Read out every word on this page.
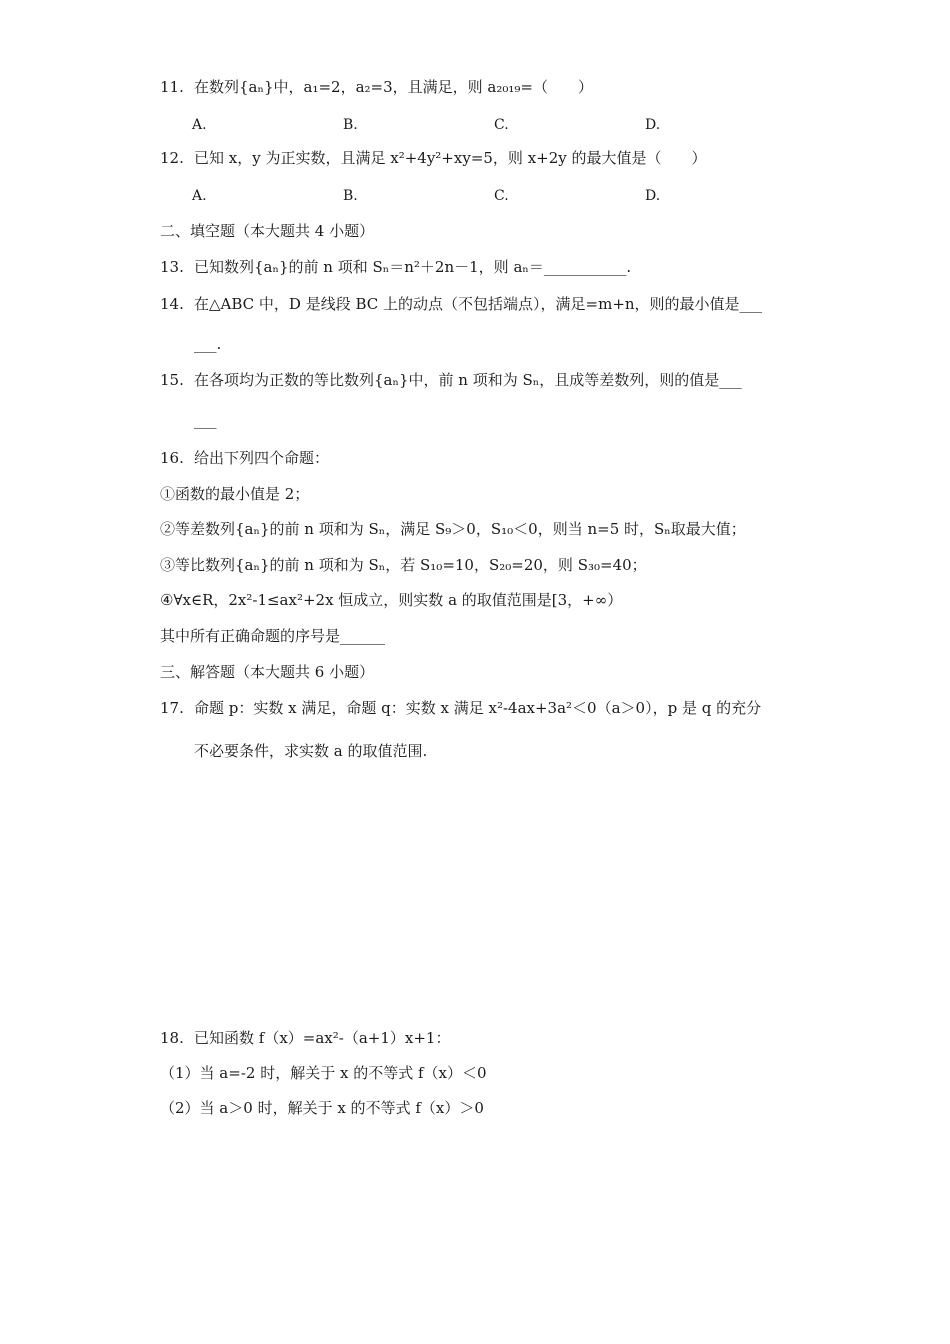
11. 在数列{aₙ}中，a₁=2，a₂=3，且满足，则 a₂₀₁₉=（　　）
A.	B.	C.	D.
12. 已知 x，y 为正实数，且满足 x²+4y²+xy=5，则 x+2y 的最大值是（　　）
A.	B.	C.	D.
二、填空题（本大题共 4 小题）
13. 已知数列{aₙ}的前 n 项和 Sₙ＝n²＋2n－1，则 aₙ＝___________.
14. 在△ABC 中，D 是线段 BC 上的动点（不包括端点），满足=m+n，则的最小值是___
___.
15. 在各项均为正数的等比数列{aₙ}中，前 n 项和为 Sₙ，且成等差数列，则的值是___
___
16. 给出下列四个命题：
①函数的最小值是 2；
②等差数列{aₙ}的前 n 项和为 Sₙ，满足 S₉＞0，S₁₀＜0，则当 n=5 时，Sₙ取最大值；
③等比数列{aₙ}的前 n 项和为 Sₙ，若 S₁₀=10，S₂₀=20，则 S₃₀=40；
④∀x∈R，2x²-1≤ax²+2x 恒成立，则实数 a 的取值范围是[3，+∞）
其中所有正确命题的序号是______
三、解答题（本大题共 6 小题）
17. 命题 p：实数 x 满足，命题 q：实数 x 满足 x²-4ax+3a²＜0（a＞0），p 是 q 的充分
不必要条件，求实数 a 的取值范围.
18. 已知函数 f（x）=ax²-（a+1）x+1：
（1）当 a=-2 时，解关于 x 的不等式 f（x）＜0
（2）当 a＞0 时，解关于 x 的不等式 f（x）＞0
